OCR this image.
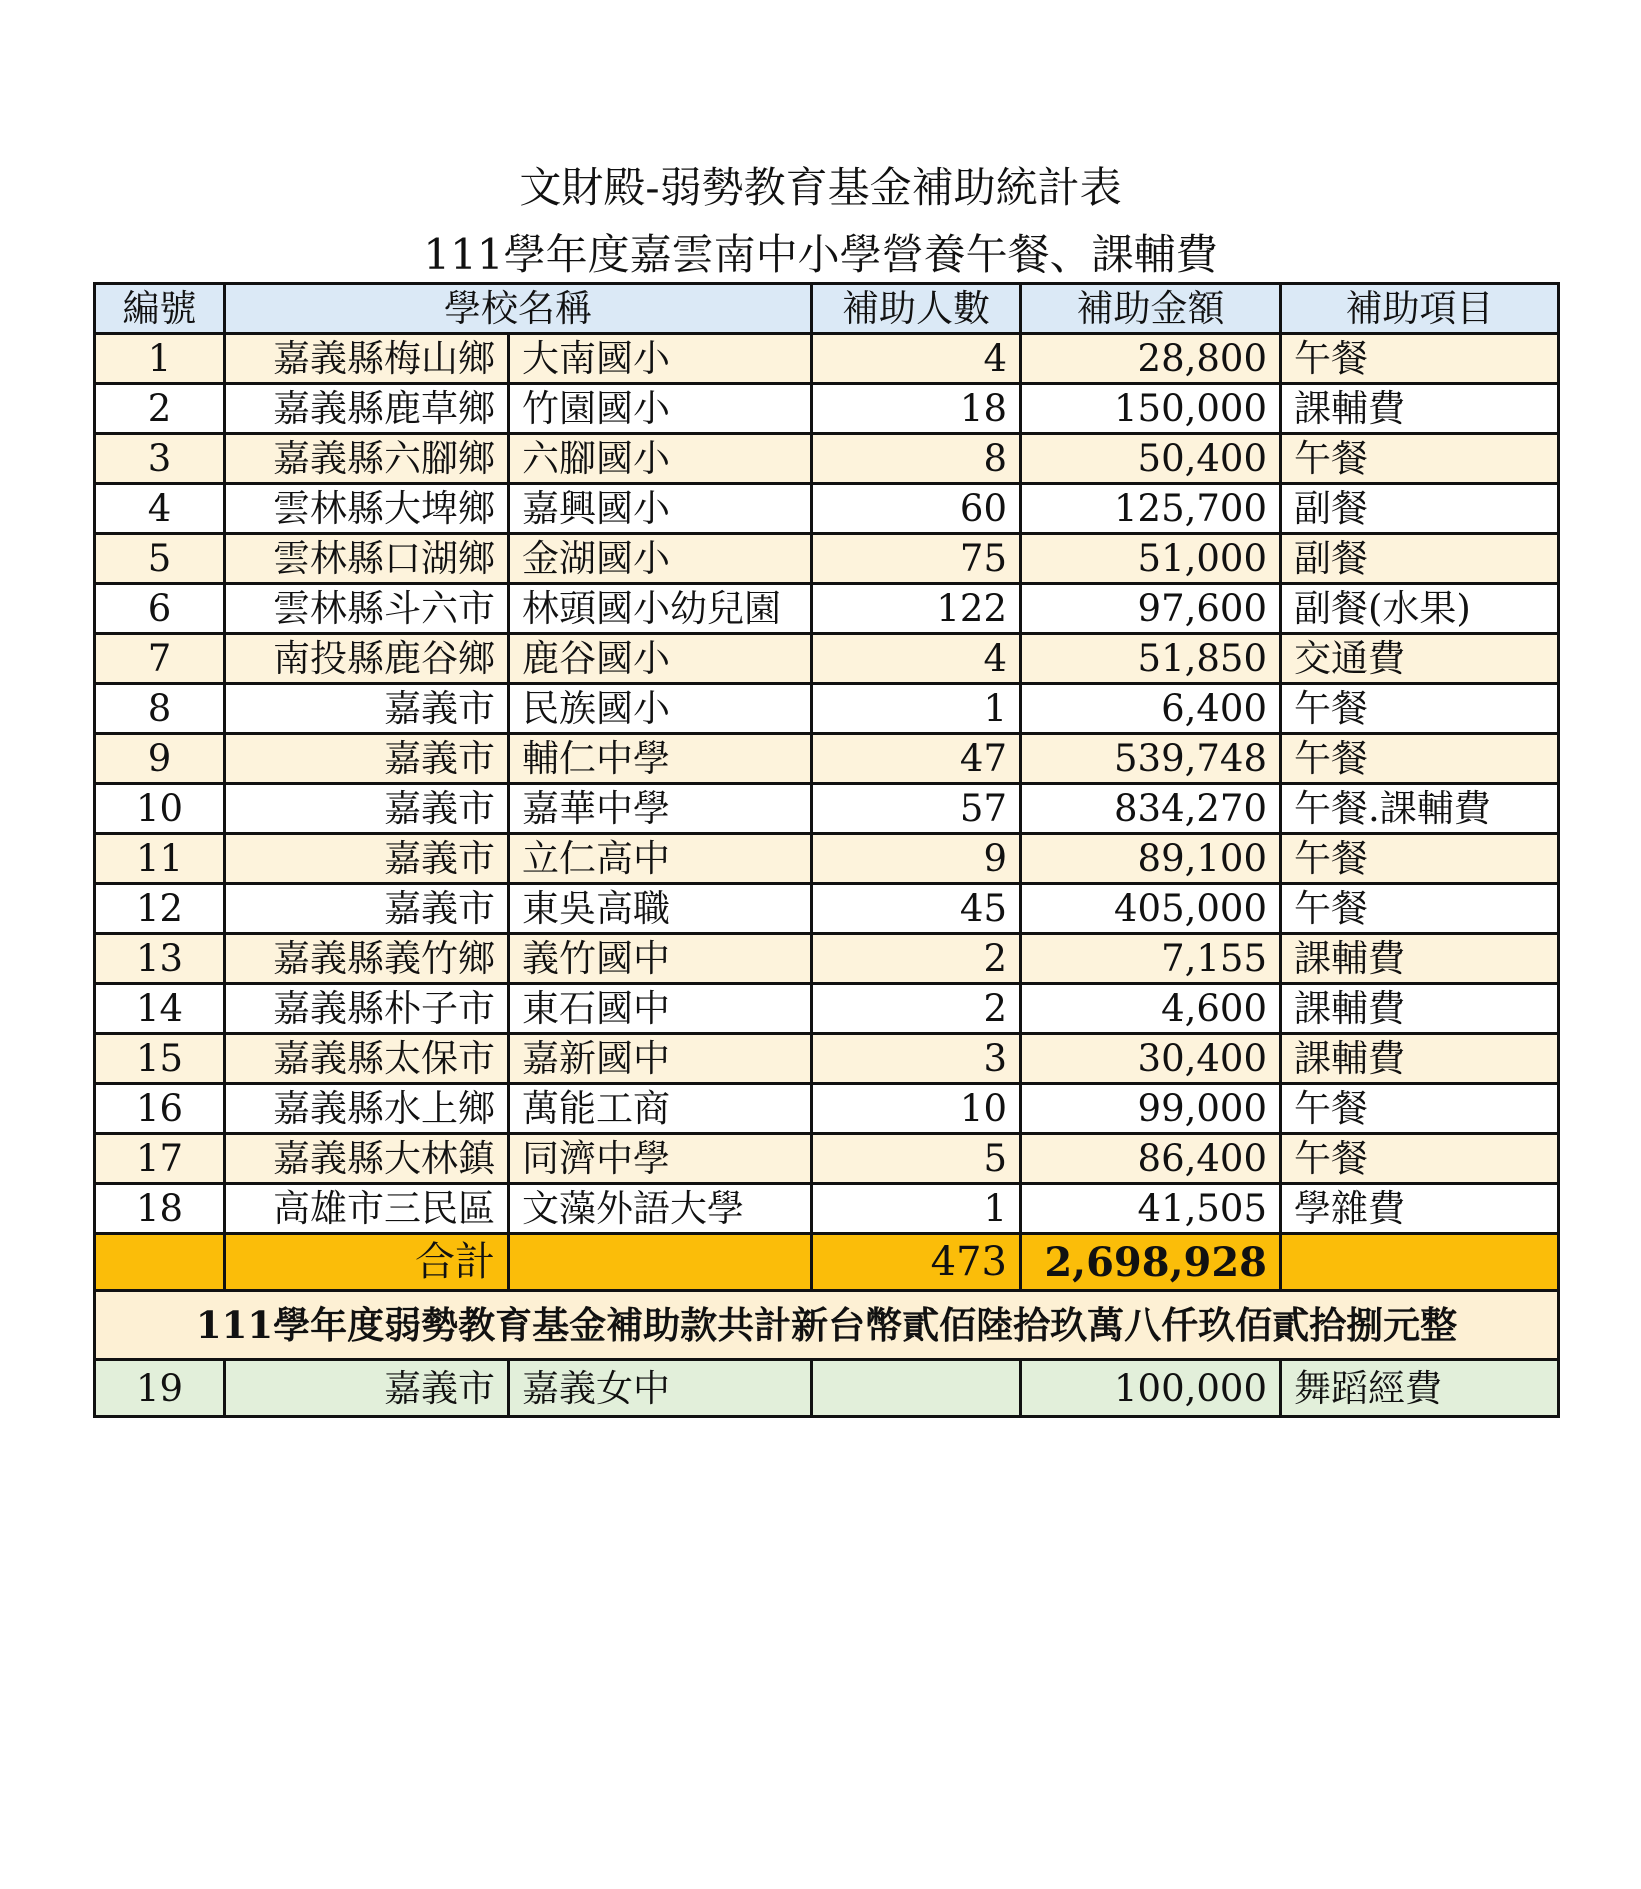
文財殿-弱勢教育基金補助統計表
111學年度嘉雲南中小學營養午餐、課輔費
編號	學校名稱		補助人數	補助金額	補助項目
1	嘉義縣梅山鄉	大南國小	4	28,800	午餐
2	嘉義縣鹿草鄉	竹園國小	18	150,000	課輔費
3	嘉義縣六腳鄉	六腳國小	8	50,400	午餐
4	雲林縣大埤鄉	嘉興國小	60	125,700	副餐
5	雲林縣口湖鄉	金湖國小	75	51,000	副餐
6	雲林縣斗六市	林頭國小幼兒園	122	97,600	副餐(水果)
7	南投縣鹿谷鄉	鹿谷國小	4	51,850	交通費
8	嘉義市	民族國小	1	6,400	午餐
9	嘉義市	輔仁中學	47	539,748	午餐
10	嘉義市	嘉華中學	57	834,270	午餐.課輔費
11	嘉義市	立仁高中	9	89,100	午餐
12	嘉義市	東吳高職	45	405,000	午餐
13	嘉義縣義竹鄉	義竹國中	2	7,155	課輔費
14	嘉義縣朴子市	東石國中	2	4,600	課輔費
15	嘉義縣太保市	嘉新國中	3	30,400	課輔費
16	嘉義縣水上鄉	萬能工商	10	99,000	午餐
17	嘉義縣大林鎮	同濟中學	5	86,400	午餐
18	高雄市三民區	文藻外語大學	1	41,505	學雜費
	合計		473	2,698,928	
111學年度弱勢教育基金補助款共計新台幣貳佰陸拾玖萬八仟玖佰貳拾捌元整					
19	嘉義市	嘉義女中		100,000	舞蹈經費
